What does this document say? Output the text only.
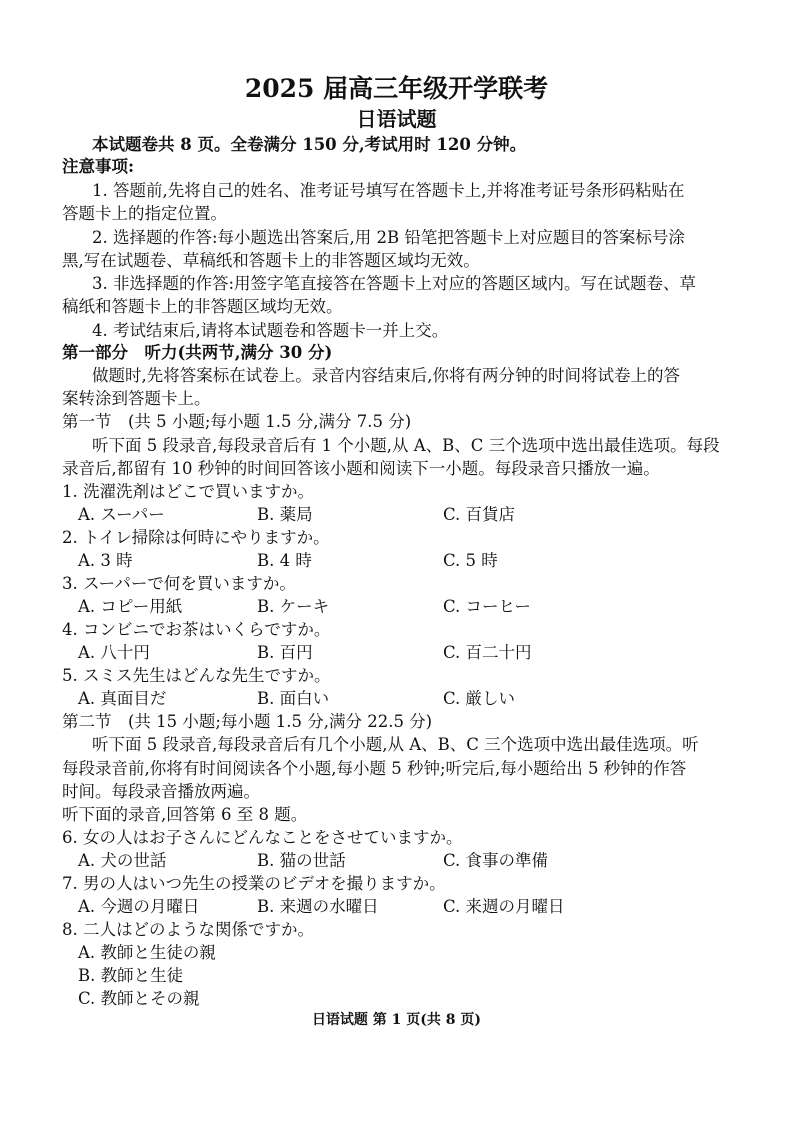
2025 届高三年级开学联考
日语试题
本试题卷共 8 页。全卷满分 150 分,考试用时 120 分钟。
注意事项:
1. 答题前,先将自己的姓名、准考证号填写在答题卡上,并将准考证号条形码粘贴在
答题卡上的指定位置。
2. 选择题的作答:每小题选出答案后,用 2B 铅笔把答题卡上对应题目的答案标号涂
黑,写在试题卷、草稿纸和答题卡上的非答题区域均无效。
3. 非选择题的作答:用签字笔直接答在答题卡上对应的答题区域内。写在试题卷、草
稿纸和答题卡上的非答题区域均无效。
4. 考试结束后,请将本试题卷和答题卡一并上交。
第一部分　听力(共两节,满分 30 分)
做题时,先将答案标在试卷上。录音内容结束后,你将有两分钟的时间将试卷上的答
案转涂到答题卡上。
第一节　(共 5 小题;每小题 1.5 分,满分 7.5 分)
听下面 5 段录音,每段录音后有 1 个小题,从 A、B、C 三个选项中选出最佳选项。每段
录音后,都留有 10 秒钟的时间回答该小题和阅读下一小题。每段录音只播放一遍。
1. 洗濯洗剤はどこで買いますか。
A. スーパー	B. 薬局	C. 百貨店
2. トイレ掃除は何時にやりますか。
A. 3 時	B. 4 時	C. 5 時
3. スーパーで何を買いますか。
A. コピー用紙	B. ケーキ	C. コーヒー
4. コンビニでお茶はいくらですか。
A. 八十円	B. 百円	C. 百二十円
5. スミス先生はどんな先生ですか。
A. 真面目だ	B. 面白い	C. 厳しい
第二节　(共 15 小题;每小题 1.5 分,满分 22.5 分)
听下面 5 段录音,每段录音后有几个小题,从 A、B、C 三个选项中选出最佳选项。听
每段录音前,你将有时间阅读各个小题,每小题 5 秒钟;听完后,每小题给出 5 秒钟的作答
时间。每段录音播放两遍。
听下面的录音,回答第 6 至 8 题。
6. 女の人はお子さんにどんなことをさせていますか。
A. 犬の世話	B. 猫の世話	C. 食事の準備
7. 男の人はいつ先生の授業のビデオを撮りますか。
A. 今週の月曜日	B. 来週の水曜日	C. 来週の月曜日
8. 二人はどのような関係ですか。
A. 教師と生徒の親
B. 教師と生徒
C. 教師とその親
日语试题 第 1 页(共 8 页)
